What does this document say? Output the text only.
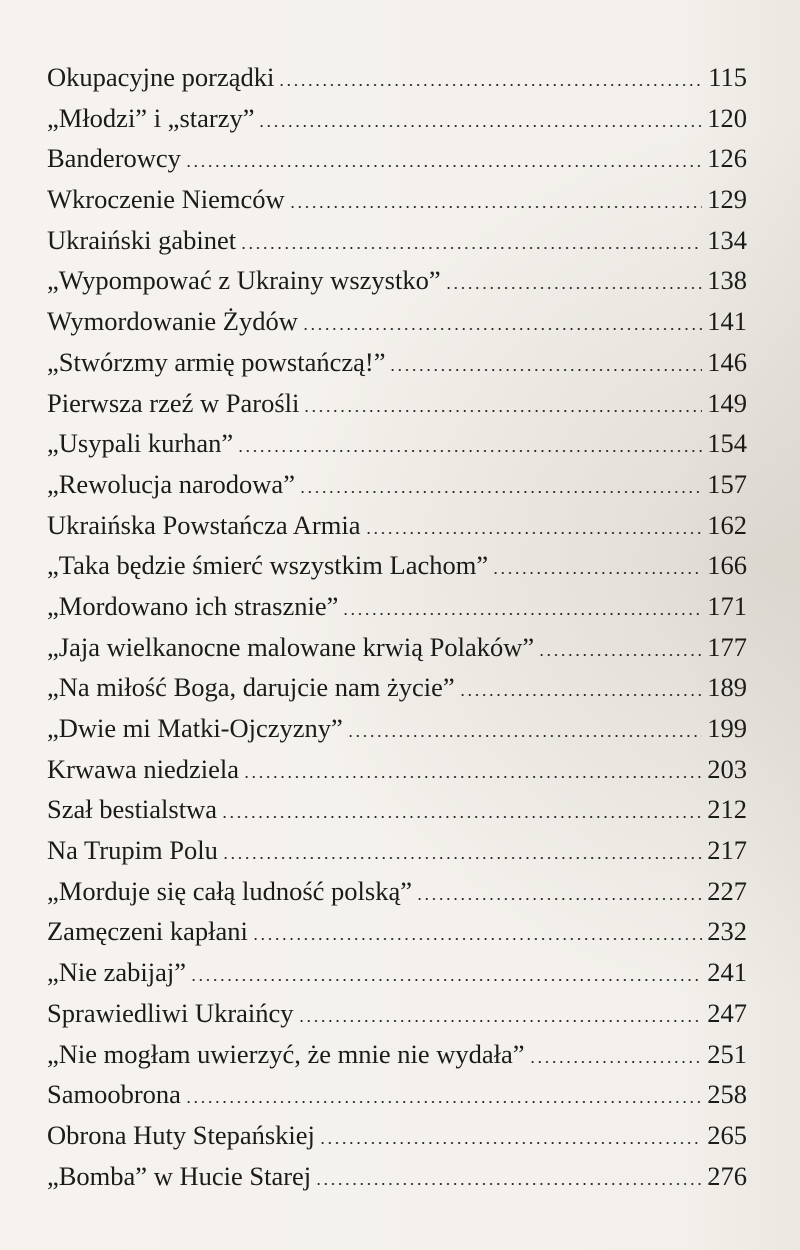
Okupacyjne porządki	115
„Młodzi” i „starzy”	120
Banderowcy	126
Wkroczenie Niemców	129
Ukraiński gabinet	134
„Wypompować z Ukrainy wszystko”	138
Wymordowanie Żydów	141
„Stwórzmy armię powstańczą!”	146
Pierwsza rzeź w Parośli	149
„Usypali kurhan”	154
„Rewolucja narodowa”	157
Ukraińska Powstańcza Armia	162
„Taka będzie śmierć wszystkim Lachom”	166
„Mordowano ich strasznie”	171
„Jaja wielkanocne malowane krwią Polaków”	177
„Na miłość Boga, darujcie nam życie”	189
„Dwie mi Matki-Ojczyzny”	199
Krwawa niedziela	203
Szał bestialstwa	212
Na Trupim Polu	217
„Morduje się całą ludność polską”	227
Zamęczeni kapłani	232
„Nie zabijaj”	241
Sprawiedliwi Ukraińcy	247
„Nie mogłam uwierzyć, że mnie nie wydała”	251
Samoobrona	258
Obrona Huty Stepańskiej	265
„Bomba” w Hucie Starej	276
